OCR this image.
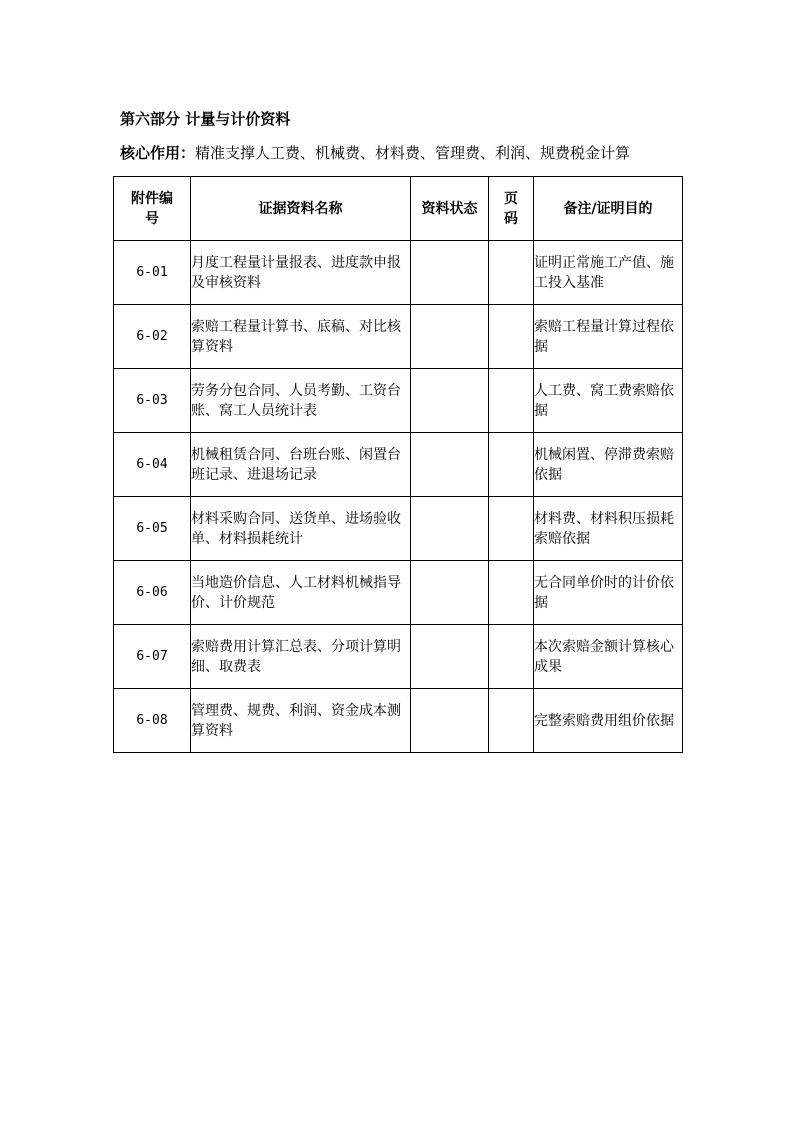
第六部分 计量与计价资料
核心作用：精准支撑人工费、机械费、材料费、管理费、利润、规费税金计算
附件编号	证据资料名称	资料状态	页码	备注/证明目的
6-01	月度工程量计量报表、进度款申报及审核资料			证明正常施工产值、施工投入基准
6-02	索赔工程量计算书、底稿、对比核算资料			索赔工程量计算过程依据
6-03	劳务分包合同、人员考勤、工资台账、窝工人员统计表			人工费、窝工费索赔依据
6-04	机械租赁合同、台班台账、闲置台班记录、进退场记录			机械闲置、停滞费索赔依据
6-05	材料采购合同、送货单、进场验收单、材料损耗统计			材料费、材料积压损耗索赔依据
6-06	当地造价信息、人工材料机械指导价、计价规范			无合同单价时的计价依据
6-07	索赔费用计算汇总表、分项计算明细、取费表			本次索赔金额计算核心成果
6-08	管理费、规费、利润、资金成本测算资料			完整索赔费用组价依据
